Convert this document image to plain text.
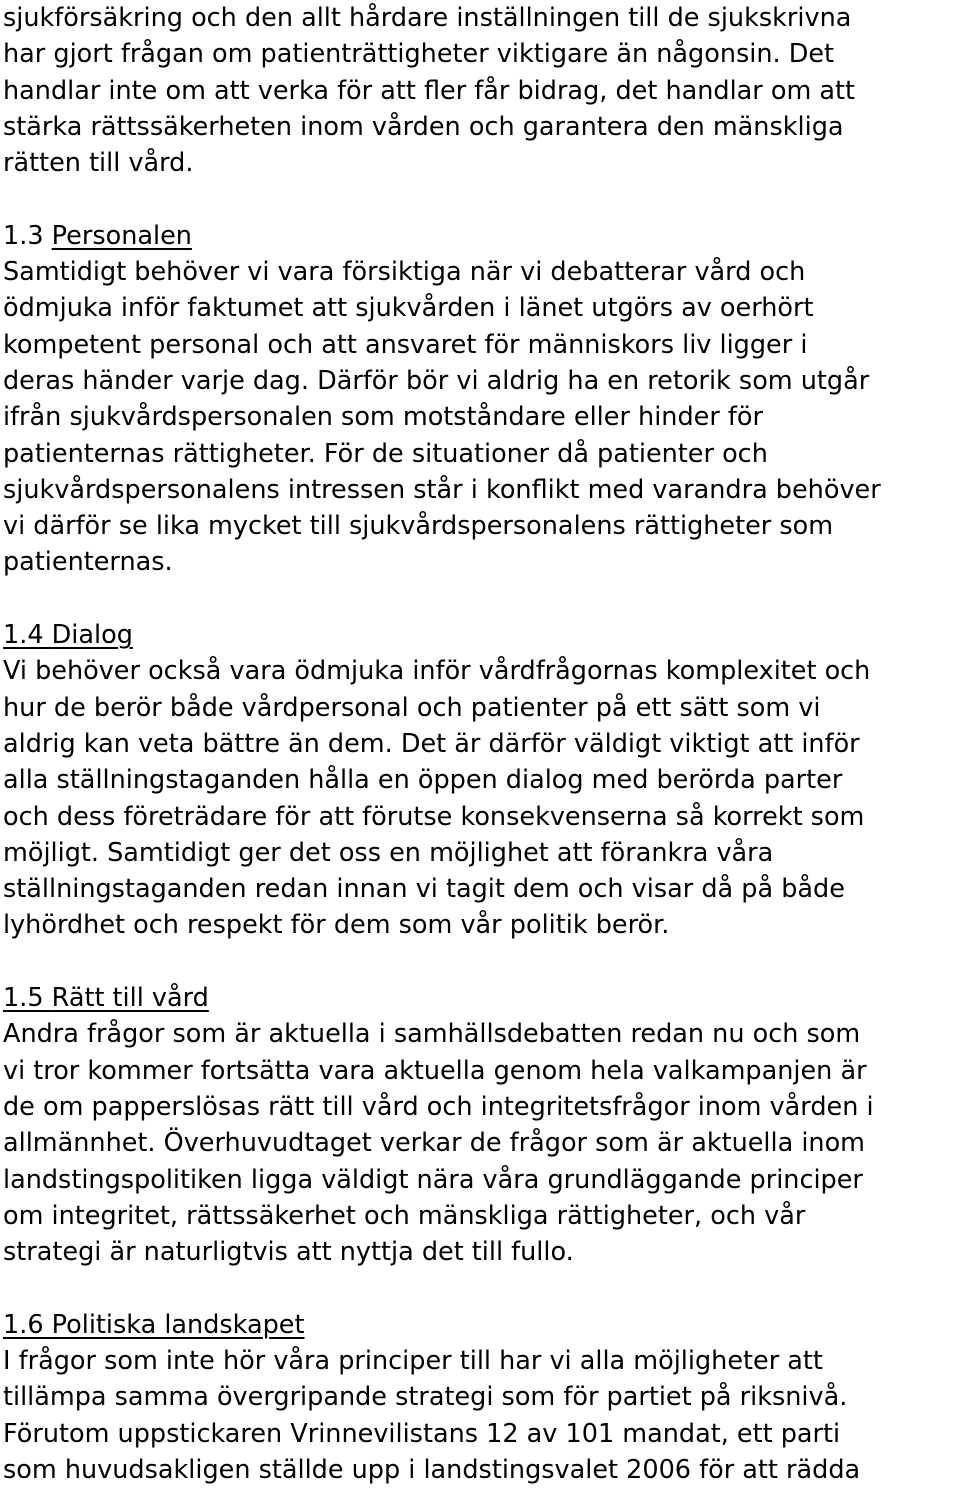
sjukförsäkring och den allt hårdare inställningen till de sjukskrivna
har gjort frågan om patienträttigheter viktigare än någonsin. Det
handlar inte om att verka för att fler får bidrag, det handlar om att
stärka rättssäkerheten inom vården och garantera den mänskliga
rätten till vård.
1.3 Personalen
Samtidigt behöver vi vara försiktiga när vi debatterar vård och
ödmjuka inför faktumet att sjukvården i länet utgörs av oerhört
kompetent personal och att ansvaret för människors liv ligger i
deras händer varje dag. Därför bör vi aldrig ha en retorik som utgår
ifrån sjukvårdspersonalen som motståndare eller hinder för
patienternas rättigheter. För de situationer då patienter och
sjukvårdspersonalens intressen står i konflikt med varandra behöver
vi därför se lika mycket till sjukvårdspersonalens rättigheter som
patienternas.
1.4 Dialog
Vi behöver också vara ödmjuka inför vårdfrågornas komplexitet och
hur de berör både vårdpersonal och patienter på ett sätt som vi
aldrig kan veta bättre än dem. Det är därför väldigt viktigt att inför
alla ställningstaganden hålla en öppen dialog med berörda parter
och dess företrädare för att förutse konsekvenserna så korrekt som
möjligt. Samtidigt ger det oss en möjlighet att förankra våra
ställningstaganden redan innan vi tagit dem och visar då på både
lyhördhet och respekt för dem som vår politik berör.
1.5 Rätt till vård
Andra frågor som är aktuella i samhällsdebatten redan nu och som
vi tror kommer fortsätta vara aktuella genom hela valkampanjen är
de om papperslösas rätt till vård och integritetsfrågor inom vården i
allmännhet. Överhuvudtaget verkar de frågor som är aktuella inom
landstingspolitiken ligga väldigt nära våra grundläggande principer
om integritet, rättssäkerhet och mänskliga rättigheter, och vår
strategi är naturligtvis att nyttja det till fullo.
1.6 Politiska landskapet
I frågor som inte hör våra principer till har vi alla möjligheter att
tillämpa samma övergripande strategi som för partiet på riksnivå.
Förutom uppstickaren Vrinnevilistans 12 av 101 mandat, ett parti
som huvudsakligen ställde upp i landstingsvalet 2006 för att rädda
